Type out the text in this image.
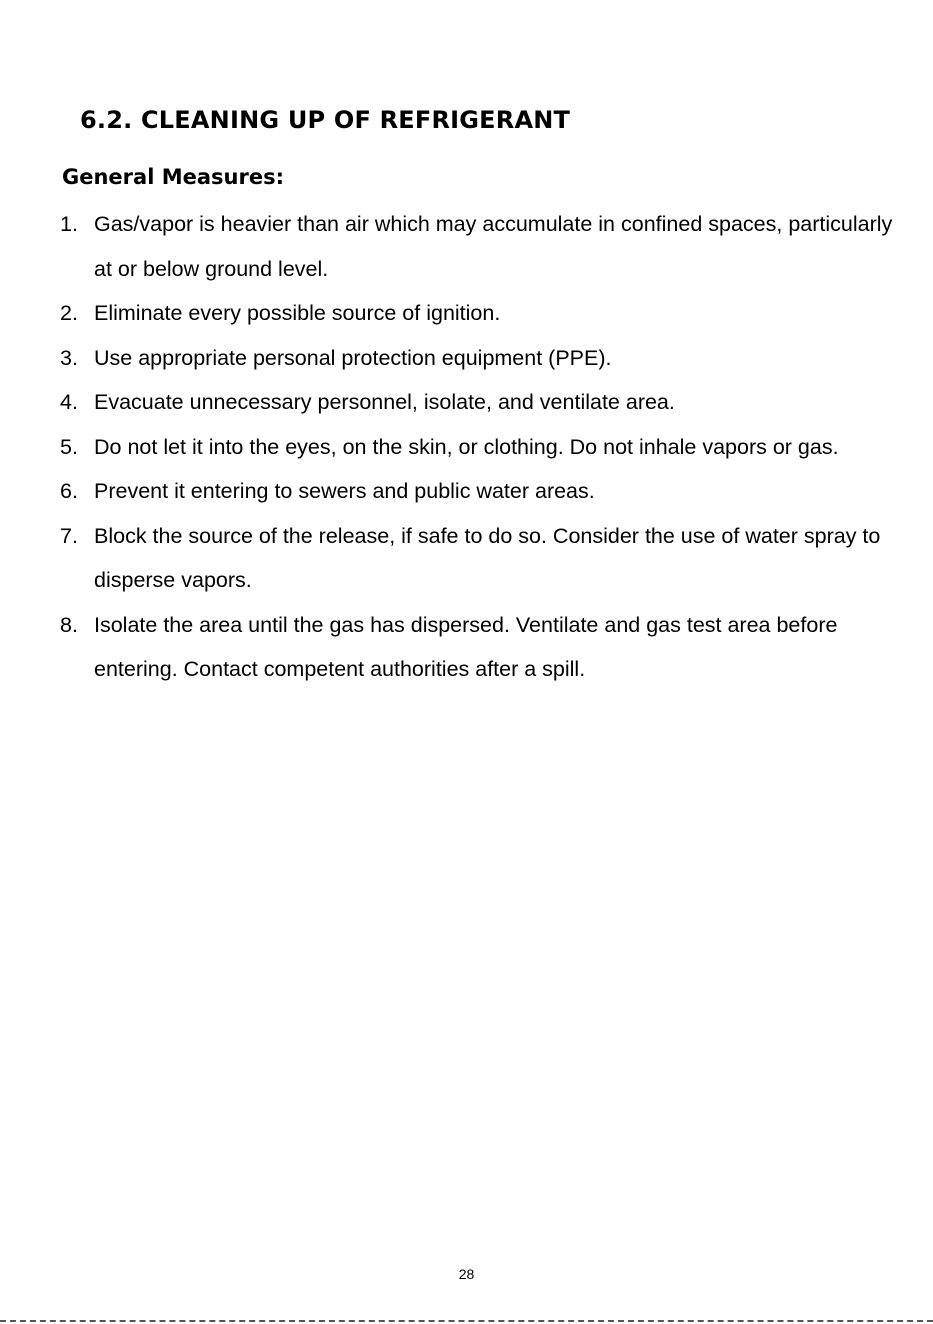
6.2. CLEANING UP OF REFRIGERANT
General Measures:
1. Gas/vapor is heavier than air which may accumulate in confined spaces, particularly at or below ground level.
2. Eliminate every possible source of ignition.
3. Use appropriate personal protection equipment (PPE).
4. Evacuate unnecessary personnel, isolate, and ventilate area.
5. Do not let it into the eyes, on the skin, or clothing. Do not inhale vapors or gas.
6. Prevent it entering to sewers and public water areas.
7. Block the source of the release, if safe to do so. Consider the use of water spray to disperse vapors.
8. Isolate the area until the gas has dispersed. Ventilate and gas test area before entering. Contact competent authorities after a spill.
28
